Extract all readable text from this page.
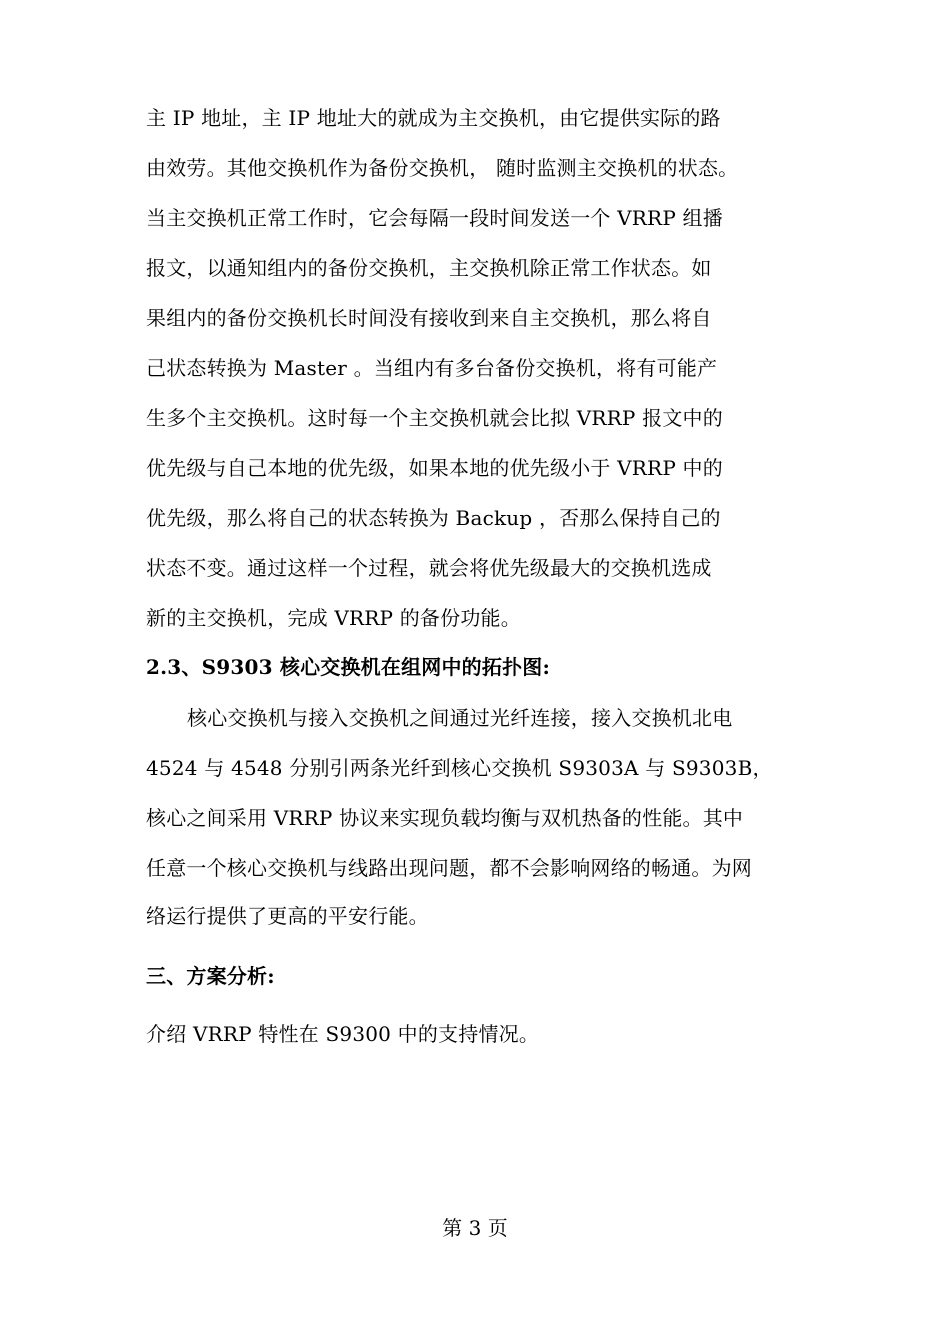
主 IP 地址，主 IP 地址大的就成为主交换机，由它提供实际的路
由效劳。其他交换机作为备份交换机， 随时监测主交换机的状态。
当主交换机正常工作时，它会每隔一段时间发送一个 VRRP 组播
报文，以通知组内的备份交换机，主交换机除正常工作状态。如
果组内的备份交换机长时间没有接收到来自主交换机，那么将自
己状态转换为 Master 。当组内有多台备份交换机，将有可能产
生多个主交换机。这时每一个主交换机就会比拟 VRRP 报文中的
优先级与自己本地的优先级，如果本地的优先级小于 VRRP 中的
优先级，那么将自己的状态转换为 Backup ，否那么保持自己的
状态不变。通过这样一个过程，就会将优先级最大的交换机选成
新的主交换机，完成 VRRP 的备份功能。
2.3、S9303 核心交换机在组网中的拓扑图:
核心交换机与接入交换机之间通过光纤连接，接入交换机北电
4524 与 4548 分别引两条光纤到核心交换机 S9303A 与 S9303B，
核心之间采用 VRRP 协议来实现负载均衡与双机热备的性能。其中
任意一个核心交换机与线路出现问题，都不会影响网络的畅通。为网
络运行提供了更高的平安行能。
三、方案分析:
介绍 VRRP 特性在 S9300 中的支持情况。
第 3 页
